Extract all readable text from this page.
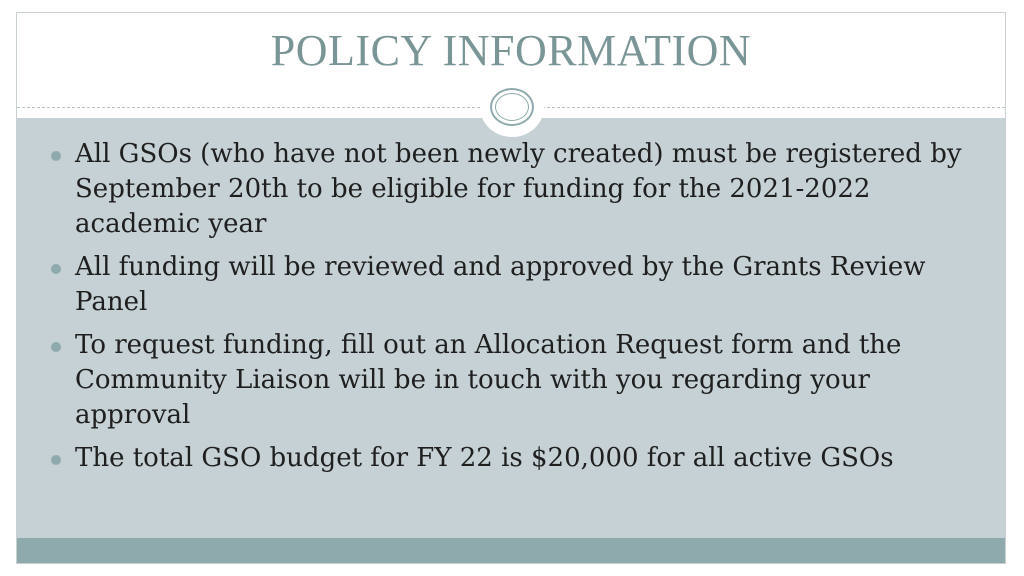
POLICY INFORMATION
All GSOs (who have not been newly created) must be registered by September 20th to be eligible for funding for the 2021-2022 academic year
All funding will be reviewed and approved by the Grants Review Panel
To request funding, fill out an Allocation Request form and the Community Liaison will be in touch with you regarding your approval
The total GSO budget for FY 22 is $20,000 for all active GSOs
